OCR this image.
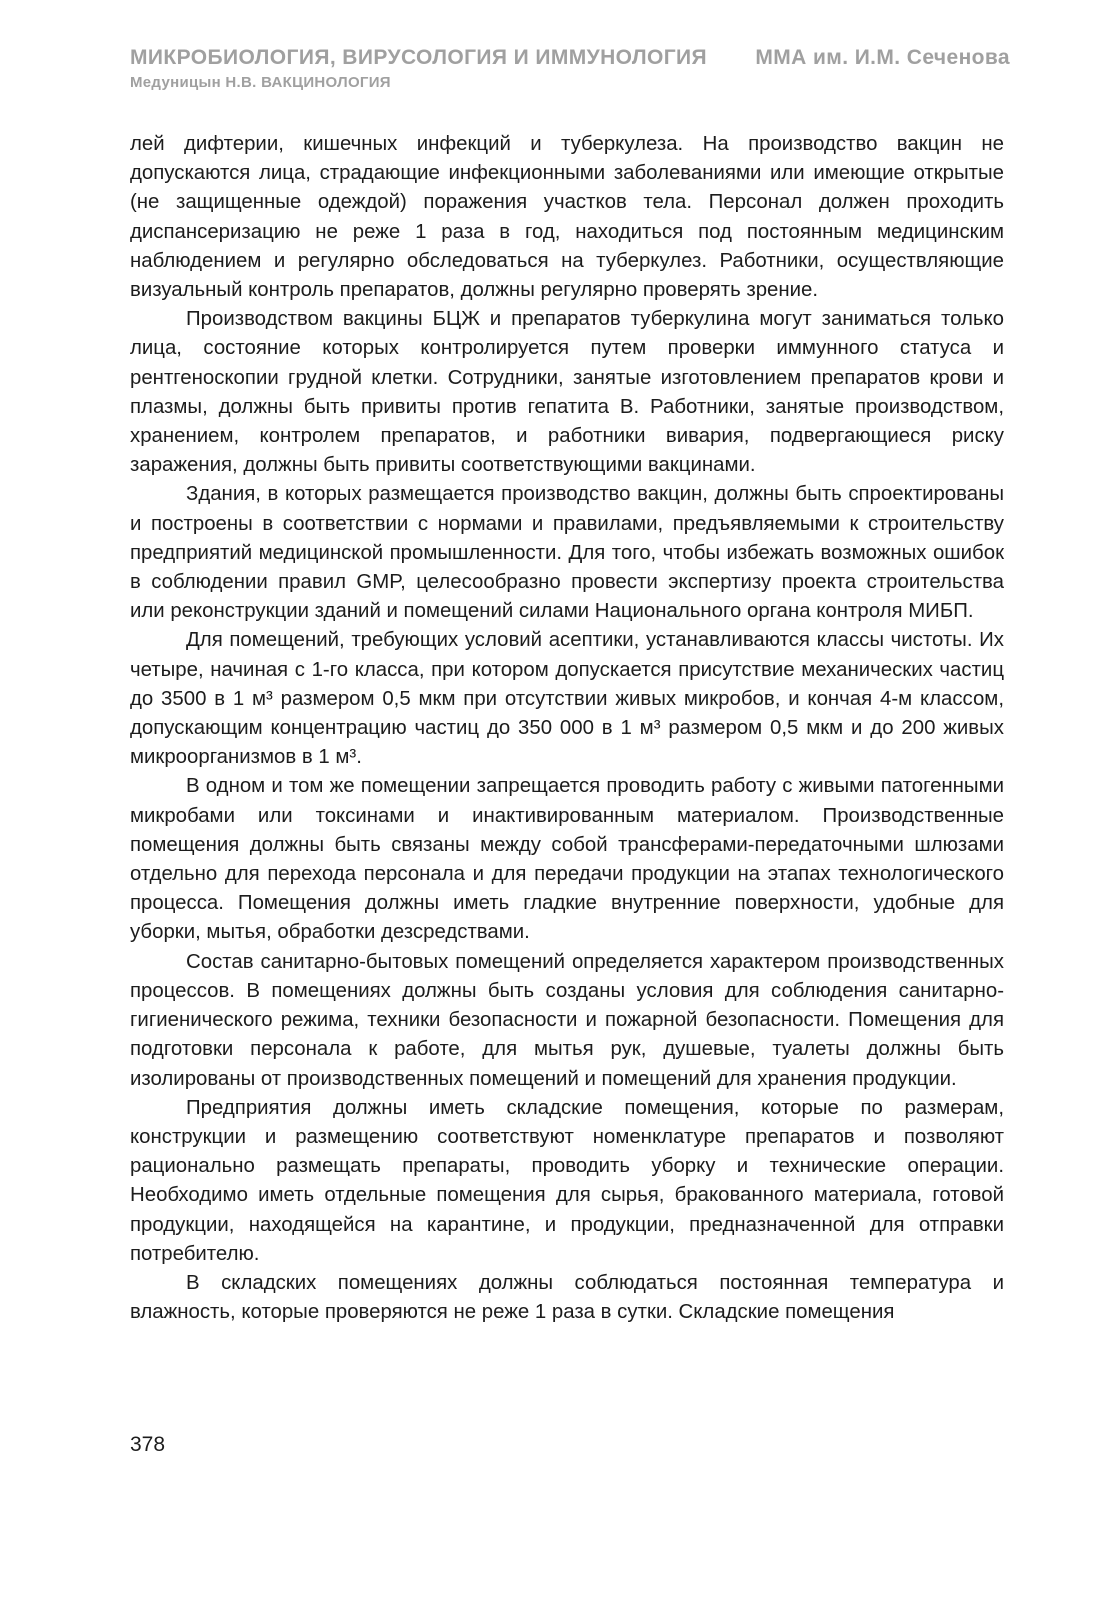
МИКРОБИОЛОГИЯ, ВИРУСОЛОГИЯ И ИММУНОЛОГИЯ ММА им. И.М. Сеченова
Медуницын Н.В. ВАКЦИНОЛОГИЯ

лей дифтерии, кишечных инфекций и туберкулеза. На производство вакцин не допускаются лица, страдающие инфекционными заболеваниями или имеющие открытые (не защищенные одеждой) поражения участков тела. Персонал должен проходить диспансеризацию не реже 1 раза в год, находиться под постоянным медицинским наблюдением и регулярно обследоваться на туберкулез. Работники, осуществляющие визуальный контроль препаратов, должны регулярно проверять зрение.

Производством вакцины БЦЖ и препаратов туберкулина могут заниматься только лица, состояние которых контролируется путем проверки иммунного статуса и рентгеноскопии грудной клетки. Сотрудники, занятые изготовлением препаратов крови и плазмы, должны быть привиты против гепатита В. Работники, занятые производством, хранением, контролем препаратов, и работники вивария, подвергающиеся риску заражения, должны быть привиты соответствующими вакцинами.

Здания, в которых размещается производство вакцин, должны быть спроектированы и построены в соответствии с нормами и правилами, предъявляемыми к строительству предприятий медицинской промышленности. Для того, чтобы избежать возможных ошибок в соблюдении правил GMP, целесообразно провести экспертизу проекта строительства или реконструкции зданий и помещений силами Национального органа контроля МИБП.

Для помещений, требующих условий асептики, устанавливаются классы чистоты. Их четыре, начиная с 1-го класса, при котором допускается присутствие механических частиц до 3500 в 1 м³ размером 0,5 мкм при отсутствии живых микробов, и кончая 4-м классом, допускающим концентрацию частиц до 350 000 в 1 м³ размером 0,5 мкм и до 200 живых микроорганизмов в 1 м³.

В одном и том же помещении запрещается проводить работу с живыми патогенными микробами или токсинами и инактивированным материалом. Производственные помещения должны быть связаны между собой трансферами-передаточными шлюзами отдельно для перехода персонала и для передачи продукции на этапах технологического процесса. Помещения должны иметь гладкие внутренние поверхности, удобные для уборки, мытья, обработки дезсредствами.

Состав санитарно-бытовых помещений определяется характером производственных процессов. В помещениях должны быть созданы условия для соблюдения санитарно-гигиенического режима, техники безопасности и пожарной безопасности. Помещения для подготовки персонала к работе, для мытья рук, душевые, туалеты должны быть изолированы от производственных помещений и помещений для хранения продукции.

Предприятия должны иметь складские помещения, которые по размерам, конструкции и размещению соответствуют номенклатуре препаратов и позволяют рационально размещать препараты, проводить уборку и технические операции. Необходимо иметь отдельные помещения для сырья, бракованного материала, готовой продукции, находящейся на карантине, и продукции, предназначенной для отправки потребителю.

В складских помещениях должны соблюдаться постоянная температура и влажность, которые проверяются не реже 1 раза в сутки. Складские помещения

378
